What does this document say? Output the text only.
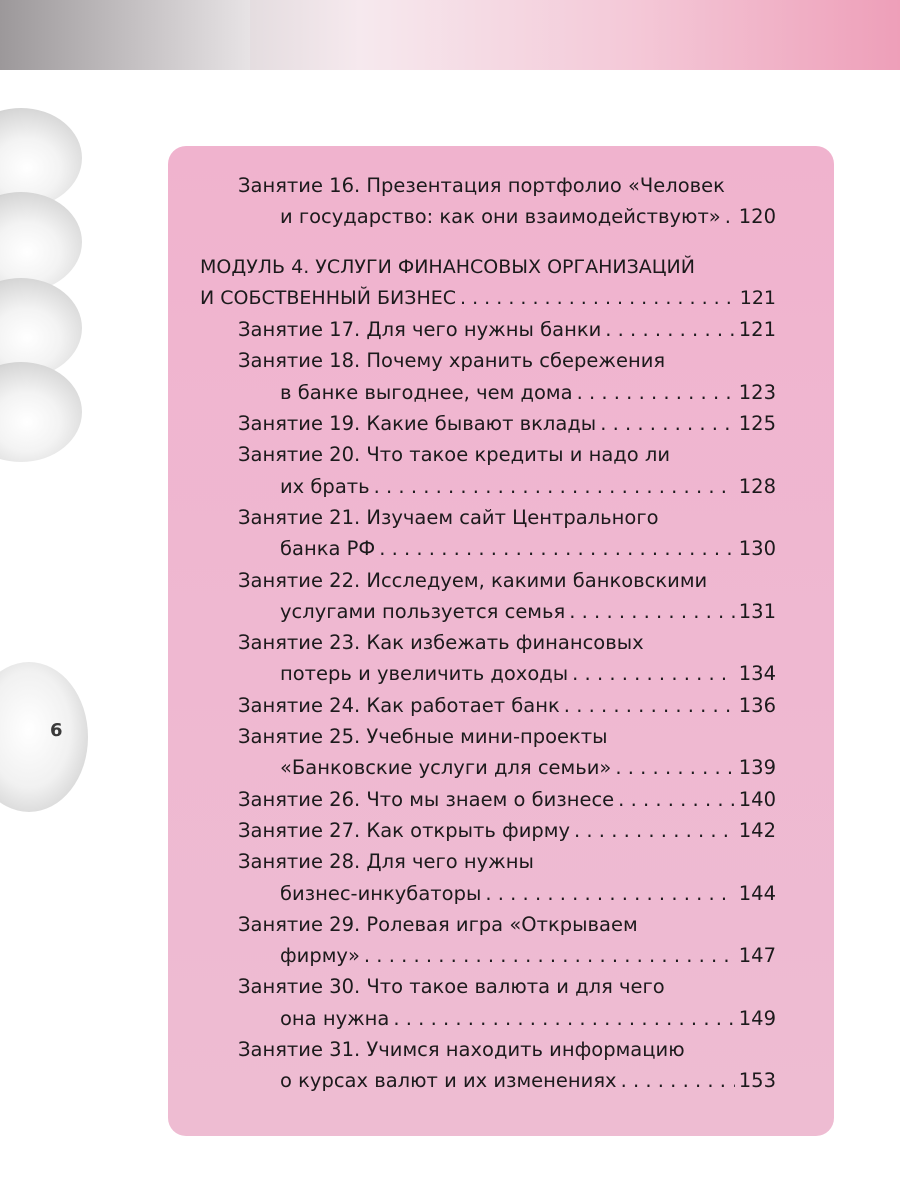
6
Занятие 16. Презентация портфолио «Человек
и государство: как они взаимодействуют» . . . 120
МОДУЛЬ 4. УСЛУГИ ФИНАНСОВЫХ ОРГАНИЗАЦИЙ
И СОБСТВЕННЫЙ БИЗНЕС . . .	121
Занятие 17. Для чего нужны банки . . .	121
Занятие 18. Почему хранить сбережения
в банке выгоднее, чем дома . . .	123
Занятие 19. Какие бывают вклады . . .	125
Занятие 20. Что такое кредиты и надо ли
их брать . . .	128
Занятие 21. Изучаем сайт Центрального
банка РФ . . .	130
Занятие 22. Исследуем, какими банковскими
услугами пользуется семья . . .	131
Занятие 23. Как избежать финансовых
потерь и увеличить доходы . . .	134
Занятие 24. Как работает банк . . .	136
Занятие 25. Учебные мини-проекты
«Банковские услуги для семьи» . . .	139
Занятие 26. Что мы знаем о бизнесе . . .	140
Занятие 27. Как открыть фирму . . .	142
Занятие 28. Для чего нужны
бизнес-инкубаторы . . .	144
Занятие 29. Ролевая игра «Открываем
фирму» . . .	147
Занятие 30. Что такое валюта и для чего
она нужна . . .	149
Занятие 31. Учимся находить информацию
о курсах валют и их изменениях . . .	153
